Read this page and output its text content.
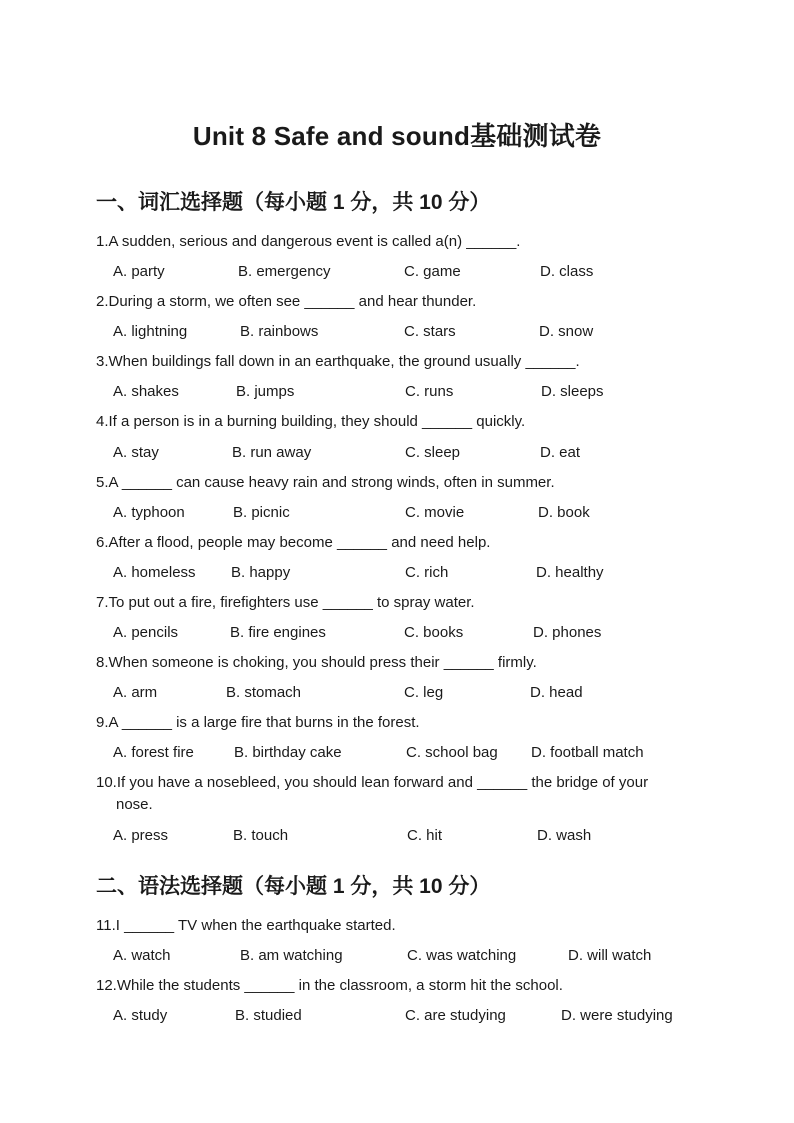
Unit 8 Safe and sound基础测试卷
一、词汇选择题（每小题 1 分，共 10 分）
1.A sudden, serious and dangerous event is called a(n) ______.
A. party	B. emergency	C. game	D. class
2.During a storm, we often see ______ and hear thunder.
A. lightning	B. rainbows	C. stars	D. snow
3.When buildings fall down in an earthquake, the ground usually ______.
A. shakes	B. jumps	C. runs	D. sleeps
4.If a person is in a burning building, they should ______ quickly.
A. stay	B. run away	C. sleep	D. eat
5.A ______ can cause heavy rain and strong winds, often in summer.
A. typhoon	B. picnic	C. movie	D. book
6.After a flood, people may become ______ and need help.
A. homeless B. happy	C. rich	D. healthy
7.To put out a fire, firefighters use ______ to spray water.
A. pencils	B. fire engines	C. books	D. phones
8.When someone is choking, you should press their ______ firmly.
A. arm	B. stomach	C. leg	D. head
9.A ______ is a large fire that burns in the forest.
A. forest fire	B. birthday cake	C. school bag D. football match
10.If you have a nosebleed, you should lean forward and ______ the bridge of your
nose.
A. press	B. touch	C. hit	D. wash
二、语法选择题（每小题 1 分，共 10 分）
11.I ______ TV when the earthquake started.
A. watch	B. am watching	C. was watching	D. will watch
12.While the students ______ in the classroom, a storm hit the school.
A. study	B. studied	C. are studying	D. were studying
